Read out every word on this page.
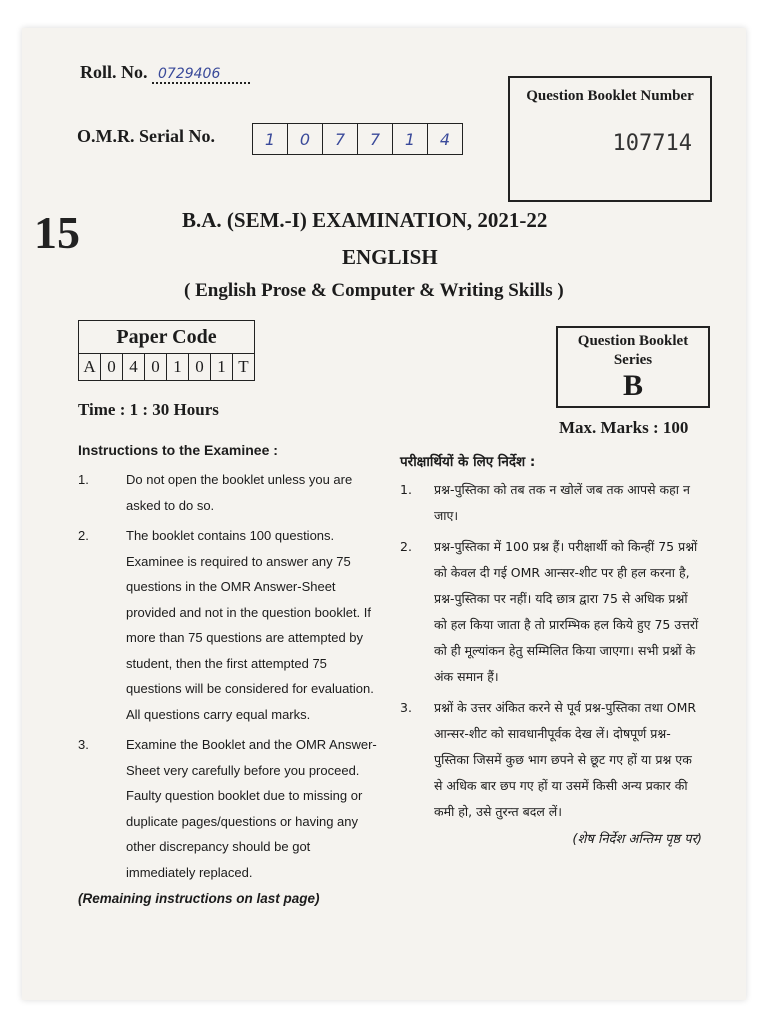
Roll. No. 0729406
O.M.R. Serial No.	1	0	7	7	1	4
Question Booklet Number
107714
15	B.A. (SEM.-I) EXAMINATION, 2021-22
ENGLISH
( English Prose & Computer & Writing Skills )
Paper Code
A 0 4 0 1 0 1 T
Question Booklet Series
B
Time : 1 : 30 Hours
Max. Marks : 100
Instructions to the Examinee :
1.	Do not open the booklet unless you are asked to do so.
2.	The booklet contains 100 questions. Examinee is required to answer any 75 questions in the OMR Answer-Sheet provided and not in the question booklet. If more than 75 questions are attempted by student, then the first attempted 75 questions will be considered for evaluation. All questions carry equal marks.
3.	Examine the Booklet and the OMR Answer-Sheet very carefully before you proceed. Faulty question booklet due to missing or duplicate pages/questions or having any other discrepancy should be got immediately replaced.
(Remaining instructions on last page)
परीक्षार्थियों के लिए निर्देश :
1.	प्रश्न-पुस्तिका को तब तक न खोलें जब तक आपसे कहा न जाए।
2.	प्रश्न-पुस्तिका में 100 प्रश्न हैं। परीक्षार्थी को किन्हीं 75 प्रश्नों को केवल दी गई OMR आन्सर-शीट पर ही हल करना है, प्रश्न-पुस्तिका पर नहीं। यदि छात्र द्वारा 75 से अधिक प्रश्नों को हल किया जाता है तो प्रारम्भिक हल किये हुए 75 उत्तरों को ही मूल्यांकन हेतु सम्मिलित किया जाएगा। सभी प्रश्नों के अंक समान हैं।
3.	प्रश्नों के उत्तर अंकित करने से पूर्व प्रश्न-पुस्तिका तथा OMR आन्सर-शीट को सावधानीपूर्वक देख लें। दोषपूर्ण प्रश्न-पुस्तिका जिसमें कुछ भाग छपने से छूट गए हों या प्रश्न एक से अधिक बार छप गए हों या उसमें किसी अन्य प्रकार की कमी हो, उसे तुरन्त बदल लें।
(शेष निर्देश अन्तिम पृष्ठ पर)
